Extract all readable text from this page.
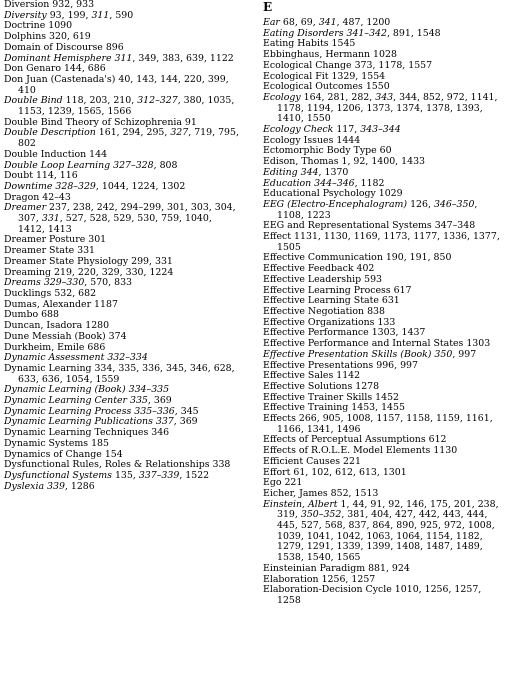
Diversion 932, 933
Diversity 93, 199, 311, 590
Doctrine 1090
Dolphins 320, 619
Domain of Discourse 896
Dominant Hemisphere 311, 349, 383, 639, 1122
Don Genaro 144, 686
Don Juan (Castenada's) 40, 143, 144, 220, 399, 410
Double Bind 118, 203, 210, 312–327, 380, 1035, 1153, 1239, 1565, 1566
Double Bind Theory of Schizophrenia 91
Double Description 161, 294, 295, 327, 719, 795, 802
Double Induction 144
Double Loop Learning 327–328, 808
Doubt 114, 116
Downtime 328–329, 1044, 1224, 1302
Dragon 42–43
Dreamer 237, 238, 242, 294–299, 301, 303, 304, 307, 331, 527, 528, 529, 530, 759, 1040, 1412, 1413
Dreamer Posture 301
Dreamer State 331
Dreamer State Physiology 299, 331
Dreaming 219, 220, 329, 330, 1224
Dreams 329–330, 570, 833
Ducklings 532, 682
Dumas, Alexander 1187
Dumbo 688
Duncan, Isadora 1280
Dune Messiah (Book) 374
Durkheim, Emile 686
Dynamic Assessment 332–334
Dynamic Learning 334, 335, 336, 345, 346, 628, 633, 636, 1054, 1559
Dynamic Learning (Book) 334–335
Dynamic Learning Center 335, 369
Dynamic Learning Process 335–336, 345
Dynamic Learning Publications 337, 369
Dynamic Learning Techniques 346
Dynamic Systems 185
Dynamics of Change 154
Dysfunctional Rules, Roles & Relationships 338
Dysfunctional Systems 135, 337–339, 1522
Dyslexia 339, 1286
E
Ear 68, 69, 341, 487, 1200
Eating Disorders 341–342, 891, 1548
Eating Habits 1545
Ebbinghaus, Hermann 1028
Ecological Change 373, 1178, 1557
Ecological Fit 1329, 1554
Ecological Outcomes 1550
Ecology 164, 281, 282, 343, 344, 852, 972, 1141, 1178, 1194, 1206, 1373, 1374, 1378, 1393, 1410, 1550
Ecology Check 117, 343–344
Ecology Issues 1444
Ectomorphic Body Type 60
Edison, Thomas 1, 92, 1400, 1433
Editing 344, 1370
Education 344–346, 1182
Educational Psychology 1029
EEG (Electro-Encephalogram) 126, 346–350, 1108, 1223
EEG and Representational Systems 347–348
Effect 1131, 1130, 1169, 1173, 1177, 1336, 1377, 1505
Effective Communication 190, 191, 850
Effective Feedback 402
Effective Leadership 593
Effective Learning Process 617
Effective Learning State 631
Effective Negotiation 838
Effective Organizations 133
Effective Performance 1303, 1437
Effective Performance and Internal States 1303
Effective Presentation Skills (Book) 350, 997
Effective Presentations 996, 997
Effective Sales 1142
Effective Solutions 1278
Effective Trainer Skills 1452
Effective Training 1453, 1455
Effects 266, 905, 1008, 1157, 1158, 1159, 1161, 1166, 1341, 1496
Effects of Perceptual Assumptions 612
Effects of R.O.L.E. Model Elements 1130
Efficient Causes 221
Effort 61, 102, 612, 613, 1301
Ego 221
Eicher, James 852, 1513
Einstein, Albert 1, 44, 91, 92, 146, 175, 201, 238, 319, 350–352, 381, 404, 427, 442, 443, 444, 445, 527, 568, 837, 864, 890, 925, 972, 1008, 1039, 1041, 1042, 1063, 1064, 1154, 1182, 1279, 1291, 1339, 1399, 1408, 1487, 1489, 1538, 1540, 1565
Einsteinian Paradigm 881, 924
Elaboration 1256, 1257
Elaboration-Decision Cycle 1010, 1256, 1257, 1258
